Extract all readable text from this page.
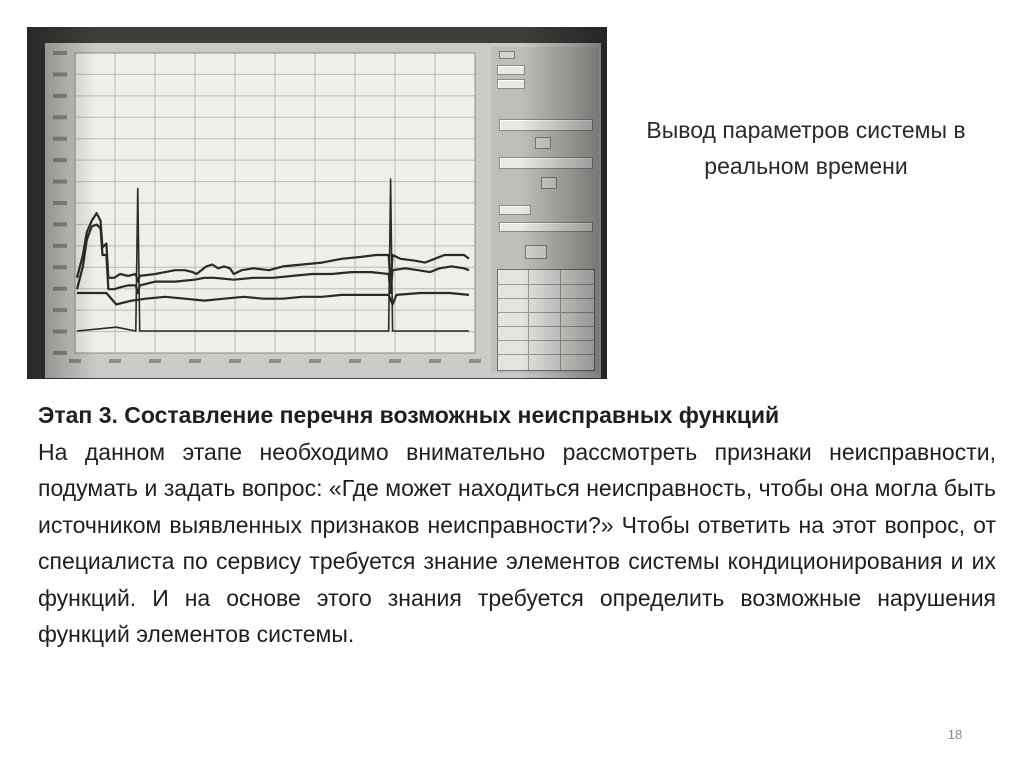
Вывод параметров системы в реальном времени

Этап 3. Составление перечня возможных неисправных функций

На данном этапе необходимо внимательно рассмотреть признаки неисправности, подумать и задать вопрос: «Где может находиться неисправность, чтобы она могла быть источником выявленных признаков неисправности?» Чтобы ответить на этот вопрос, от специалиста по сервису требуется знание элементов системы кондиционирования и их функций. И на основе этого знания требуется определить возможные нарушения функций элементов системы.

18
